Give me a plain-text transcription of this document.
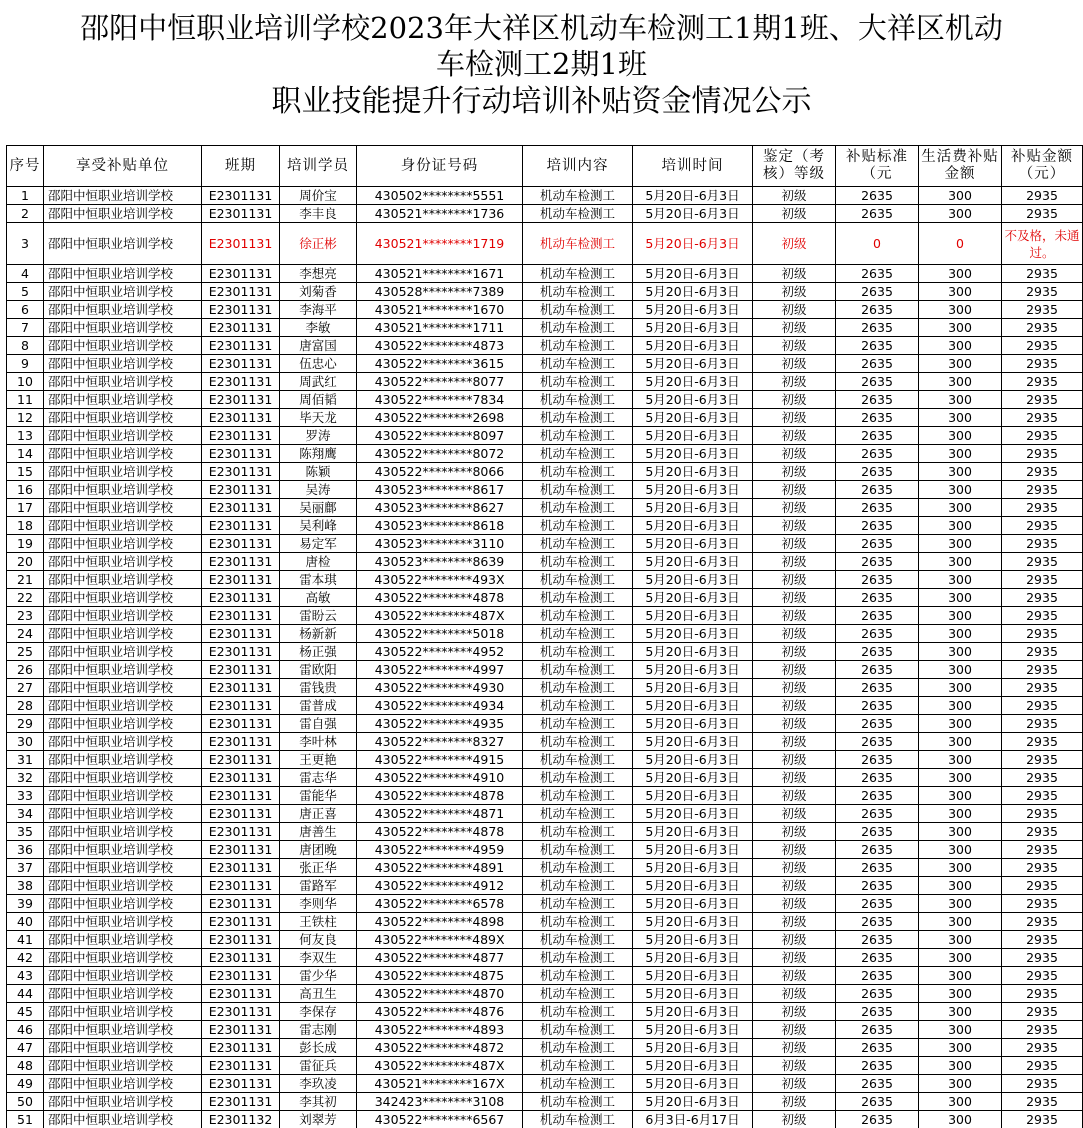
邵阳中恒职业培训学校2023年大祥区机动车检测工1期1班、大祥区机动
车检测工2期1班
职业技能提升行动培训补贴资金情况公示
序号	享受补贴单位	班期	培训学员	身份证号码	培训内容	培训时间	鉴定（考核）等级	补贴标准（元	生活费补贴金额	补贴金额（元）
1	邵阳中恒职业培训学校	E2301131	周价宝	430502********5551	机动车检测工	5月20日-6月3日	初级	2635	300	2935
2	邵阳中恒职业培训学校	E2301131	李丰良	430521********1736	机动车检测工	5月20日-6月3日	初级	2635	300	2935
3	邵阳中恒职业培训学校	E2301131	徐正彬	430521********1719	机动车检测工	5月20日-6月3日	初级	0	0	不及格，未通过。
4	邵阳中恒职业培训学校	E2301131	李想亮	430521********1671	机动车检测工	5月20日-6月3日	初级	2635	300	2935
5	邵阳中恒职业培训学校	E2301131	刘菊香	430528********7389	机动车检测工	5月20日-6月3日	初级	2635	300	2935
6	邵阳中恒职业培训学校	E2301131	李海平	430521********1670	机动车检测工	5月20日-6月3日	初级	2635	300	2935
7	邵阳中恒职业培训学校	E2301131	李敏	430521********1711	机动车检测工	5月20日-6月3日	初级	2635	300	2935
8	邵阳中恒职业培训学校	E2301131	唐富国	430522********4873	机动车检测工	5月20日-6月3日	初级	2635	300	2935
9	邵阳中恒职业培训学校	E2301131	伍忠心	430522********3615	机动车检测工	5月20日-6月3日	初级	2635	300	2935
10	邵阳中恒职业培训学校	E2301131	周武红	430522********8077	机动车检测工	5月20日-6月3日	初级	2635	300	2935
11	邵阳中恒职业培训学校	E2301131	周佰韬	430522********7834	机动车检测工	5月20日-6月3日	初级	2635	300	2935
12	邵阳中恒职业培训学校	E2301131	毕天龙	430522********2698	机动车检测工	5月20日-6月3日	初级	2635	300	2935
13	邵阳中恒职业培训学校	E2301131	罗涛	430522********8097	机动车检测工	5月20日-6月3日	初级	2635	300	2935
14	邵阳中恒职业培训学校	E2301131	陈翔鹰	430522********8072	机动车检测工	5月20日-6月3日	初级	2635	300	2935
15	邵阳中恒职业培训学校	E2301131	陈颖	430522********8066	机动车检测工	5月20日-6月3日	初级	2635	300	2935
16	邵阳中恒职业培训学校	E2301131	吴涛	430523********8617	机动车检测工	5月20日-6月3日	初级	2635	300	2935
17	邵阳中恒职业培训学校	E2301131	吴丽鄜	430523********8627	机动车检测工	5月20日-6月3日	初级	2635	300	2935
18	邵阳中恒职业培训学校	E2301131	吴利峰	430523********8618	机动车检测工	5月20日-6月3日	初级	2635	300	2935
19	邵阳中恒职业培训学校	E2301131	易定军	430523********3110	机动车检测工	5月20日-6月3日	初级	2635	300	2935
20	邵阳中恒职业培训学校	E2301131	唐检	430523********8639	机动车检测工	5月20日-6月3日	初级	2635	300	2935
21	邵阳中恒职业培训学校	E2301131	雷本琪	430522********493X	机动车检测工	5月20日-6月3日	初级	2635	300	2935
22	邵阳中恒职业培训学校	E2301131	高敏	430522********4878	机动车检测工	5月20日-6月3日	初级	2635	300	2935
23	邵阳中恒职业培训学校	E2301131	雷盼云	430522********487X	机动车检测工	5月20日-6月3日	初级	2635	300	2935
24	邵阳中恒职业培训学校	E2301131	杨新新	430522********5018	机动车检测工	5月20日-6月3日	初级	2635	300	2935
25	邵阳中恒职业培训学校	E2301131	杨正强	430522********4952	机动车检测工	5月20日-6月3日	初级	2635	300	2935
26	邵阳中恒职业培训学校	E2301131	雷欧阳	430522********4997	机动车检测工	5月20日-6月3日	初级	2635	300	2935
27	邵阳中恒职业培训学校	E2301131	雷钱贵	430522********4930	机动车检测工	5月20日-6月3日	初级	2635	300	2935
28	邵阳中恒职业培训学校	E2301131	雷普成	430522********4934	机动车检测工	5月20日-6月3日	初级	2635	300	2935
29	邵阳中恒职业培训学校	E2301131	雷自强	430522********4935	机动车检测工	5月20日-6月3日	初级	2635	300	2935
30	邵阳中恒职业培训学校	E2301131	李叶林	430522********8327	机动车检测工	5月20日-6月3日	初级	2635	300	2935
31	邵阳中恒职业培训学校	E2301131	王更艳	430522********4915	机动车检测工	5月20日-6月3日	初级	2635	300	2935
32	邵阳中恒职业培训学校	E2301131	雷志华	430522********4910	机动车检测工	5月20日-6月3日	初级	2635	300	2935
33	邵阳中恒职业培训学校	E2301131	雷能华	430522********4878	机动车检测工	5月20日-6月3日	初级	2635	300	2935
34	邵阳中恒职业培训学校	E2301131	唐正喜	430522********4871	机动车检测工	5月20日-6月3日	初级	2635	300	2935
35	邵阳中恒职业培训学校	E2301131	唐善生	430522********4878	机动车检测工	5月20日-6月3日	初级	2635	300	2935
36	邵阳中恒职业培训学校	E2301131	唐团晚	430522********4959	机动车检测工	5月20日-6月3日	初级	2635	300	2935
37	邵阳中恒职业培训学校	E2301131	张正华	430522********4891	机动车检测工	5月20日-6月3日	初级	2635	300	2935
38	邵阳中恒职业培训学校	E2301131	雷路军	430522********4912	机动车检测工	5月20日-6月3日	初级	2635	300	2935
39	邵阳中恒职业培训学校	E2301131	李则华	430522********6578	机动车检测工	5月20日-6月3日	初级	2635	300	2935
40	邵阳中恒职业培训学校	E2301131	王铁柱	430522********4898	机动车检测工	5月20日-6月3日	初级	2635	300	2935
41	邵阳中恒职业培训学校	E2301131	何友良	430522********489X	机动车检测工	5月20日-6月3日	初级	2635	300	2935
42	邵阳中恒职业培训学校	E2301131	李双生	430522********4877	机动车检测工	5月20日-6月3日	初级	2635	300	2935
43	邵阳中恒职业培训学校	E2301131	雷少华	430522********4875	机动车检测工	5月20日-6月3日	初级	2635	300	2935
44	邵阳中恒职业培训学校	E2301131	高丑生	430522********4870	机动车检测工	5月20日-6月3日	初级	2635	300	2935
45	邵阳中恒职业培训学校	E2301131	李保存	430522********4876	机动车检测工	5月20日-6月3日	初级	2635	300	2935
46	邵阳中恒职业培训学校	E2301131	雷志刚	430522********4893	机动车检测工	5月20日-6月3日	初级	2635	300	2935
47	邵阳中恒职业培训学校	E2301131	彭长成	430522********4872	机动车检测工	5月20日-6月3日	初级	2635	300	2935
48	邵阳中恒职业培训学校	E2301131	雷征兵	430522********487X	机动车检测工	5月20日-6月3日	初级	2635	300	2935
49	邵阳中恒职业培训学校	E2301131	李玖凌	430521********167X	机动车检测工	5月20日-6月3日	初级	2635	300	2935
50	邵阳中恒职业培训学校	E2301131	李其初	342423********3108	机动车检测工	5月20日-6月3日	初级	2635	300	2935
51	邵阳中恒职业培训学校	E2301132	刘翠芳	430522********6567	机动车检测工	6月3日-6月17日	初级	2635	300	2935
